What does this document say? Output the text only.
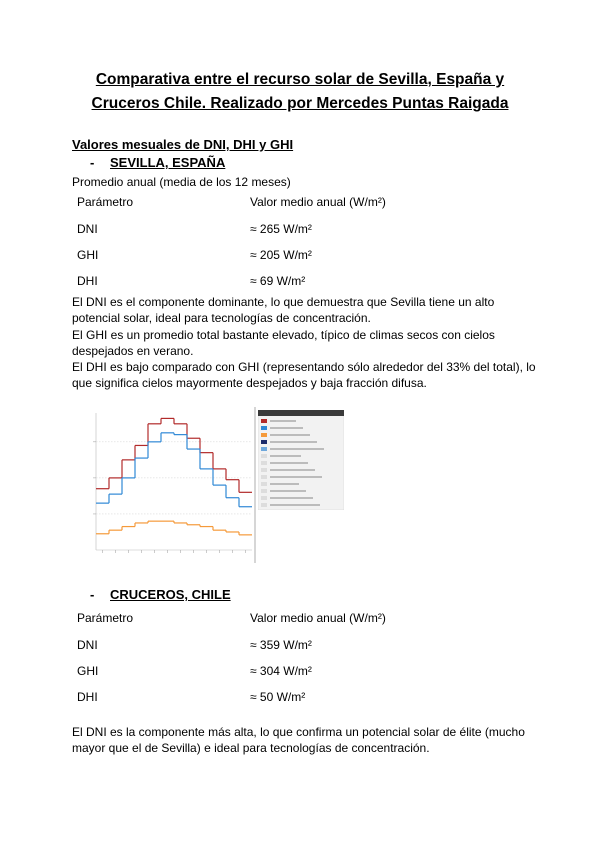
Comparativa entre el recurso solar de Sevilla, España y
Cruceros Chile. Realizado por Mercedes Puntas Raigada
Valores mesuales de DNI, DHI y GHI
- SEVILLA, ESPAÑA
Promedio anual (media de los 12 meses)
Parámetro	Valor medio anual (W/m²)
DNI	≈ 265 W/m²
GHI	≈ 205 W/m²
DHI	≈ 69 W/m²

El DNI es el componente dominante, lo que demuestra que Sevilla tiene un alto potencial solar, ideal para tecnologías de concentración.

El GHI es un promedio total bastante elevado, típico de climas secos con cielos despejados en verano.

El DHI es bajo comparado con GHI (representando sólo alrededor del 33% del total), lo que significa cielos mayormente despejados y baja fracción difusa.

- CRUCEROS, CHILE
Parámetro	Valor medio anual (W/m²)
DNI	≈ 359 W/m²
GHI	≈ 304 W/m²
DHI	≈ 50 W/m²

El DNI es la componente más alta, lo que confirma un potencial solar de élite (mucho mayor que el de Sevilla) e ideal para tecnologías de concentración.
